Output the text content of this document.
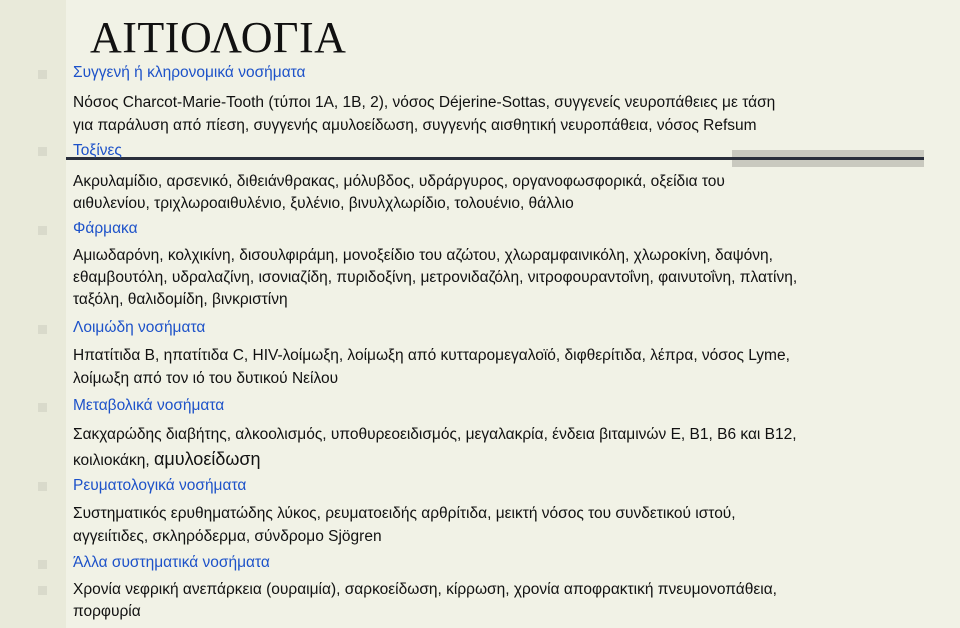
ΑΙΤΙΟΛΟΓΙΑ
Συγγενή ή κληρονομικά νοσήματα
Νόσος Charcot-Marie-Tooth (τύποι 1Α, 1Β, 2), νόσος Déjerine-Sottas, συγγενείς νευροπάθειες με τάση
για παράλυση από πίεση, συγγενής αμυλοείδωση, συγγενής αισθητική νευροπάθεια, νόσος Refsum
Τοξίνες
Ακρυλαμίδιο, αρσενικό, διθειάνθρακας, μόλυβδος, υδράργυρος, οργανοφωσφορικά, οξείδια του
αιθυλενίου, τριχλωροαιθυλένιο, ξυλένιο, βινυλχλωρίδιο, τολουένιο, θάλλιο
Φάρμακα
Αμιωδαρόνη, κολχικίνη, δισουλφιράμη, μονοξείδιο του αζώτου, χλωραμφαινικόλη, χλωροκίνη, δαψόνη,
εθαμβουτόλη, υδραλαζίνη, ισονιαζίδη, πυριδοξίνη, μετρονιδαζόλη, νιτροφουραντοΐνη, φαινυτοΐνη, πλατίνη,
ταξόλη, θαλιδομίδη, βινκριστίνη
Λοιμώδη νοσήματα
Ηπατίτιδα Β, ηπατίτιδα C, HIV-λοίμωξη, λοίμωξη από κυτταρομεγαλοϊό, διφθερίτιδα, λέπρα, νόσος Lyme,
λοίμωξη από τον ιό του δυτικού Νείλου
Μεταβολικά νοσήματα
Σακχαρώδης διαβήτης, αλκοολισμός, υποθυρεοειδισμός, μεγαλακρία, ένδεια βιταμινών Ε, Β1, Β6 και Β12,
κοιλιοκάκη, αμυλοείδωση
Ρευματολογικά νοσήματα
Συστηματικός ερυθηματώδης λύκος, ρευματοειδής αρθρίτιδα, μεικτή νόσος του συνδετικού ιστού,
αγγειίτιδες, σκληρόδερμα, σύνδρομο Sjögren
Άλλα συστηματικά νοσήματα
Χρονία νεφρική ανεπάρκεια (ουραιμία), σαρκοείδωση, κίρρωση, χρονία αποφρακτική πνευμονοπάθεια,
πορφυρία
